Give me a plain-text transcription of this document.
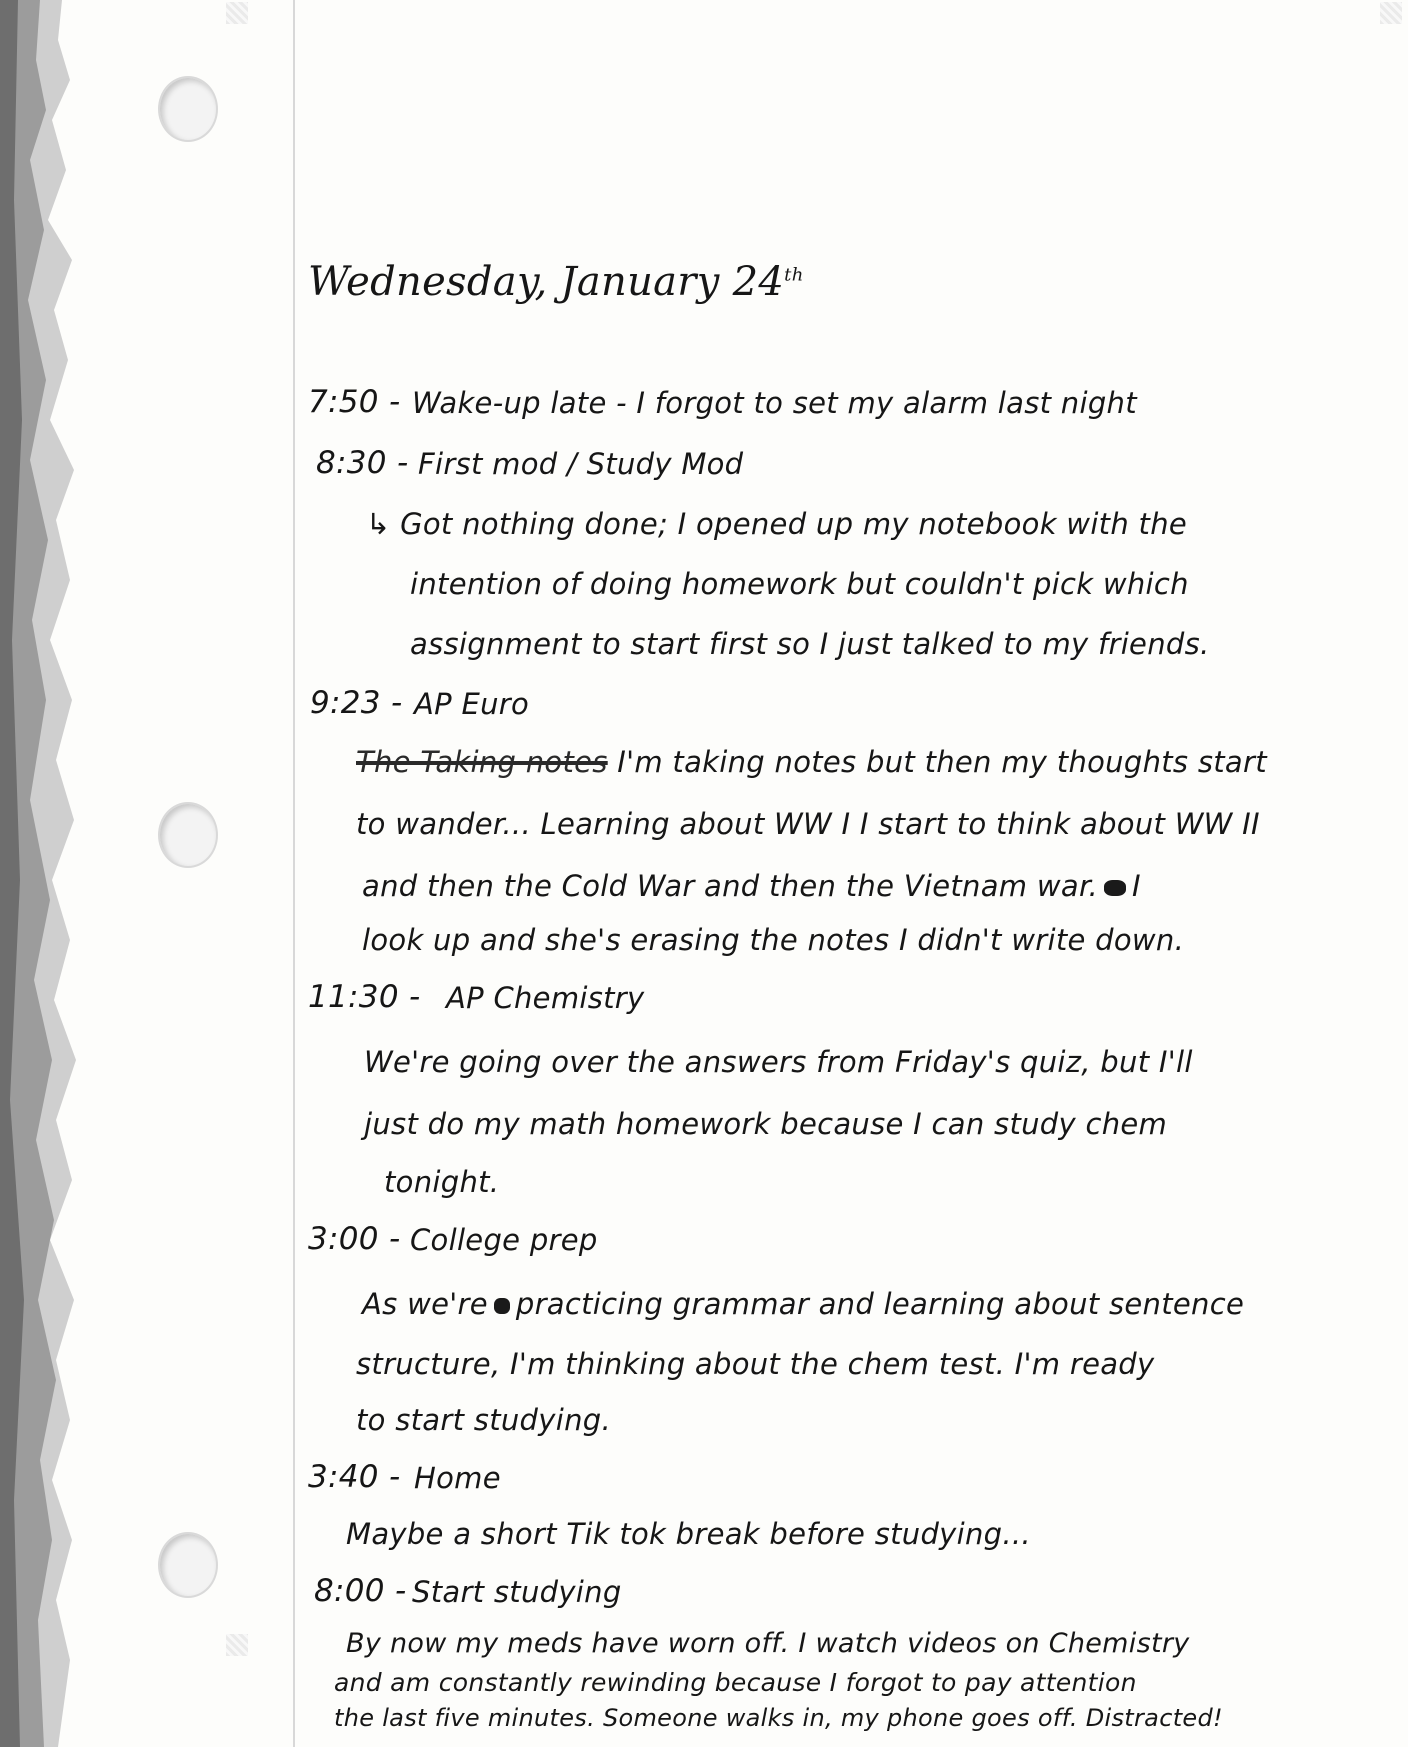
Wednesday, January 24th
7:50 - Wake-up late - I forgot to set my alarm last night
8:30 - First mod / Study Mod
↳ Got nothing done; I opened up my notebook with the
intention of doing homework but couldn't pick which
assignment to start first so I just talked to my friends.
9:23 - AP Euro
The Taking notes I'm taking notes but then my thoughts start
to wander... Learning about WW I I start to think about WW II
and then the Cold War and then the Vietnam war. I
look up and she's erasing the notes I didn't write down.
11:30 - AP Chemistry
We're going over the answers from Friday's quiz, but I'll
just do my math homework because I can study chem
tonight.
3:00 - College prep
As we're practicing grammar and learning about sentence
structure, I'm thinking about the chem test. I'm ready
to start studying.
3:40 - Home
Maybe a short Tik tok break before studying...
8:00 - Start studying
By now my meds have worn off. I watch videos on Chemistry
and am constantly rewinding because I forgot to pay attention
the last five minutes. Someone walks in, my phone goes off. Distracted!
